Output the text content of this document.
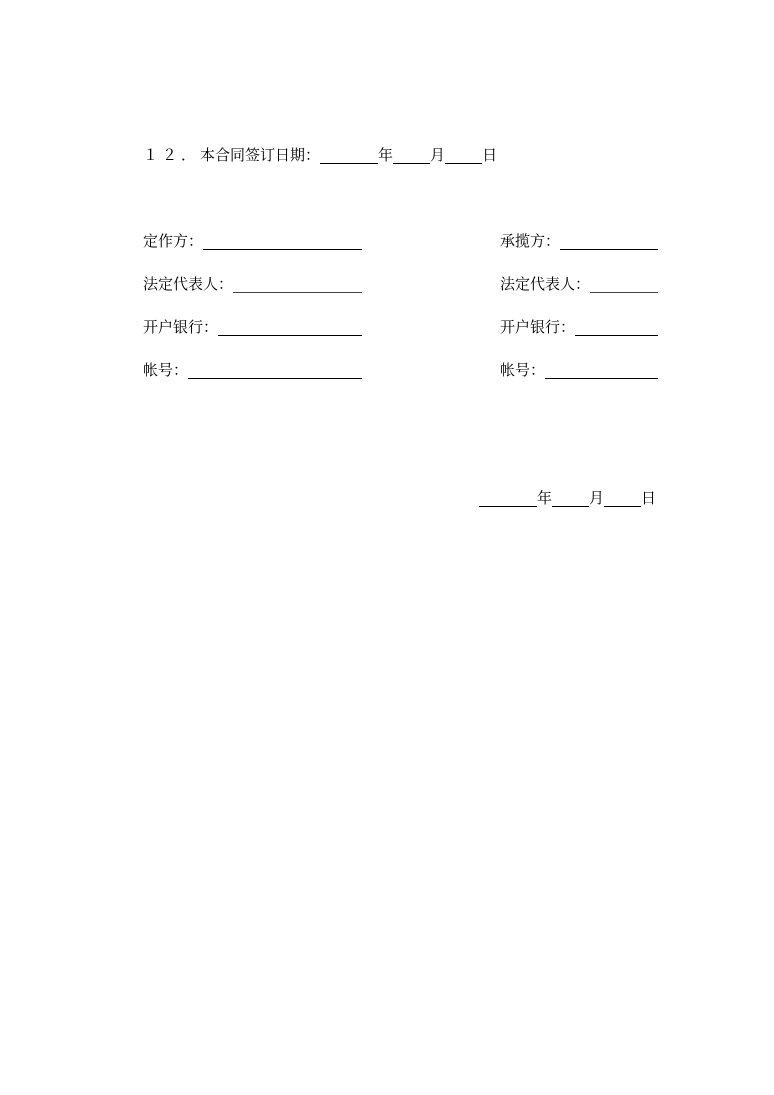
１２． 本合同签订日期：	年 月 日
定作方：
法定代表人：
开户银行：
帐号：
承揽方：
法定代表人：
开户银行：
帐号：
年 月 日
